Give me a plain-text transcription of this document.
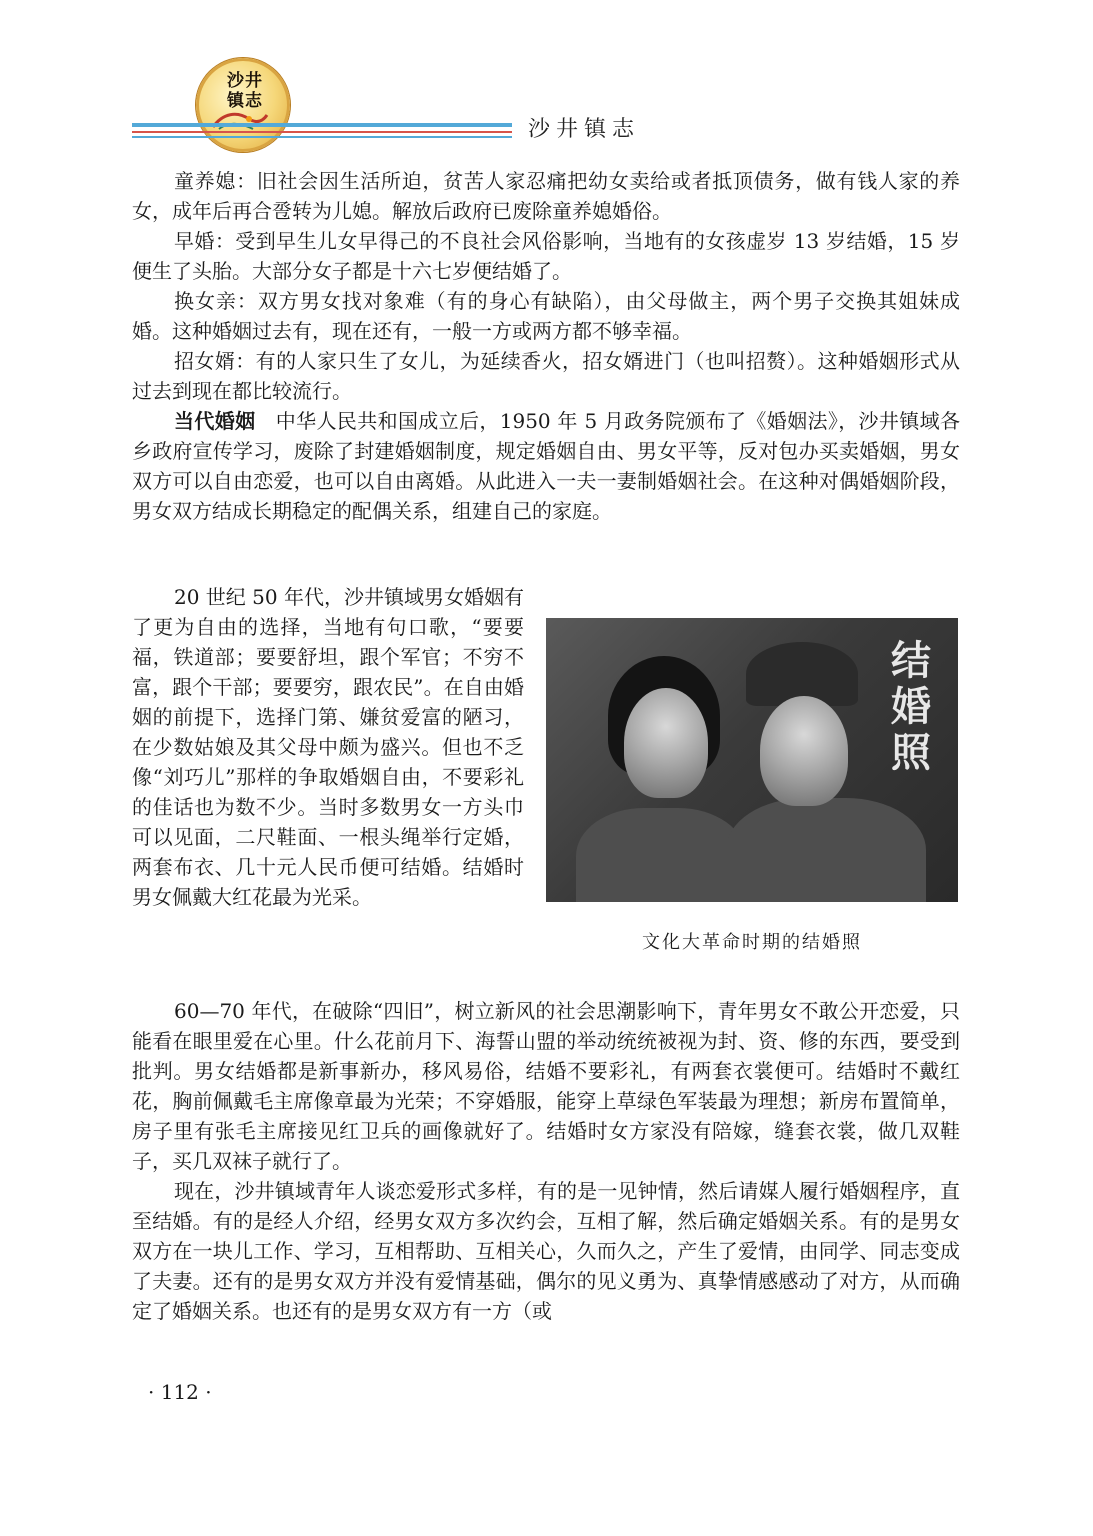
沙井
镇志
沙井镇志

童养媳：旧社会因生活所迫，贫苦人家忍痛把幼女卖给或者抵顶债务，做有钱人家的养女，成年后再合卺转为儿媳。解放后政府已废除童养媳婚俗。

早婚：受到早生儿女早得己的不良社会风俗影响，当地有的女孩虚岁 13 岁结婚，15 岁便生了头胎。大部分女子都是十六七岁便结婚了。

换女亲：双方男女找对象难（有的身心有缺陷），由父母做主，两个男子交换其姐妹成婚。这种婚姻过去有，现在还有，一般一方或两方都不够幸福。

招女婿：有的人家只生了女儿，为延续香火，招女婿进门（也叫招赘）。这种婚姻形式从过去到现在都比较流行。

当代婚姻　中华人民共和国成立后，1950 年 5 月政务院颁布了《婚姻法》，沙井镇域各乡政府宣传学习，废除了封建婚姻制度，规定婚姻自由、男女平等，反对包办买卖婚姻，男女双方可以自由恋爱，也可以自由离婚。从此进入一夫一妻制婚姻社会。在这种对偶婚姻阶段，男女双方结成长期稳定的配偶关系，组建自己的家庭。

20 世纪 50 年代，沙井镇域男女婚姻有了更为自由的选择，当地有句口歌，“要要福，铁道部；要要舒坦，跟个军官；不穷不富，跟个干部；要要穷，跟农民”。在自由婚姻的前提下，选择门第、嫌贫爱富的陋习，在少数姑娘及其父母中颇为盛兴。但也不乏像“刘巧儿”那样的争取婚姻自由，不要彩礼的佳话也为数不少。当时多数男女一方头巾可以见面，二尺鞋面、一根头绳举行定婚，两套布衣、几十元人民币便可结婚。结婚时男女佩戴大红花最为光采。

结婚照
文化大革命时期的结婚照

60—70 年代，在破除“四旧”，树立新风的社会思潮影响下，青年男女不敢公开恋爱，只能看在眼里爱在心里。什么花前月下、海誓山盟的举动统统被视为封、资、修的东西，要受到批判。男女结婚都是新事新办，移风易俗，结婚不要彩礼，有两套衣裳便可。结婚时不戴红花，胸前佩戴毛主席像章最为光荣；不穿婚服，能穿上草绿色军装最为理想；新房布置简单，房子里有张毛主席接见红卫兵的画像就好了。结婚时女方家没有陪嫁，缝套衣裳，做几双鞋子，买几双袜子就行了。

现在，沙井镇域青年人谈恋爱形式多样，有的是一见钟情，然后请媒人履行婚姻程序，直至结婚。有的是经人介绍，经男女双方多次约会，互相了解，然后确定婚姻关系。有的是男女双方在一块儿工作、学习，互相帮助、互相关心，久而久之，产生了爱情，由同学、同志变成了夫妻。还有的是男女双方并没有爱情基础，偶尔的见义勇为、真挚情感感动了对方，从而确定了婚姻关系。也还有的是男女双方有一方（或

· 112 ·
